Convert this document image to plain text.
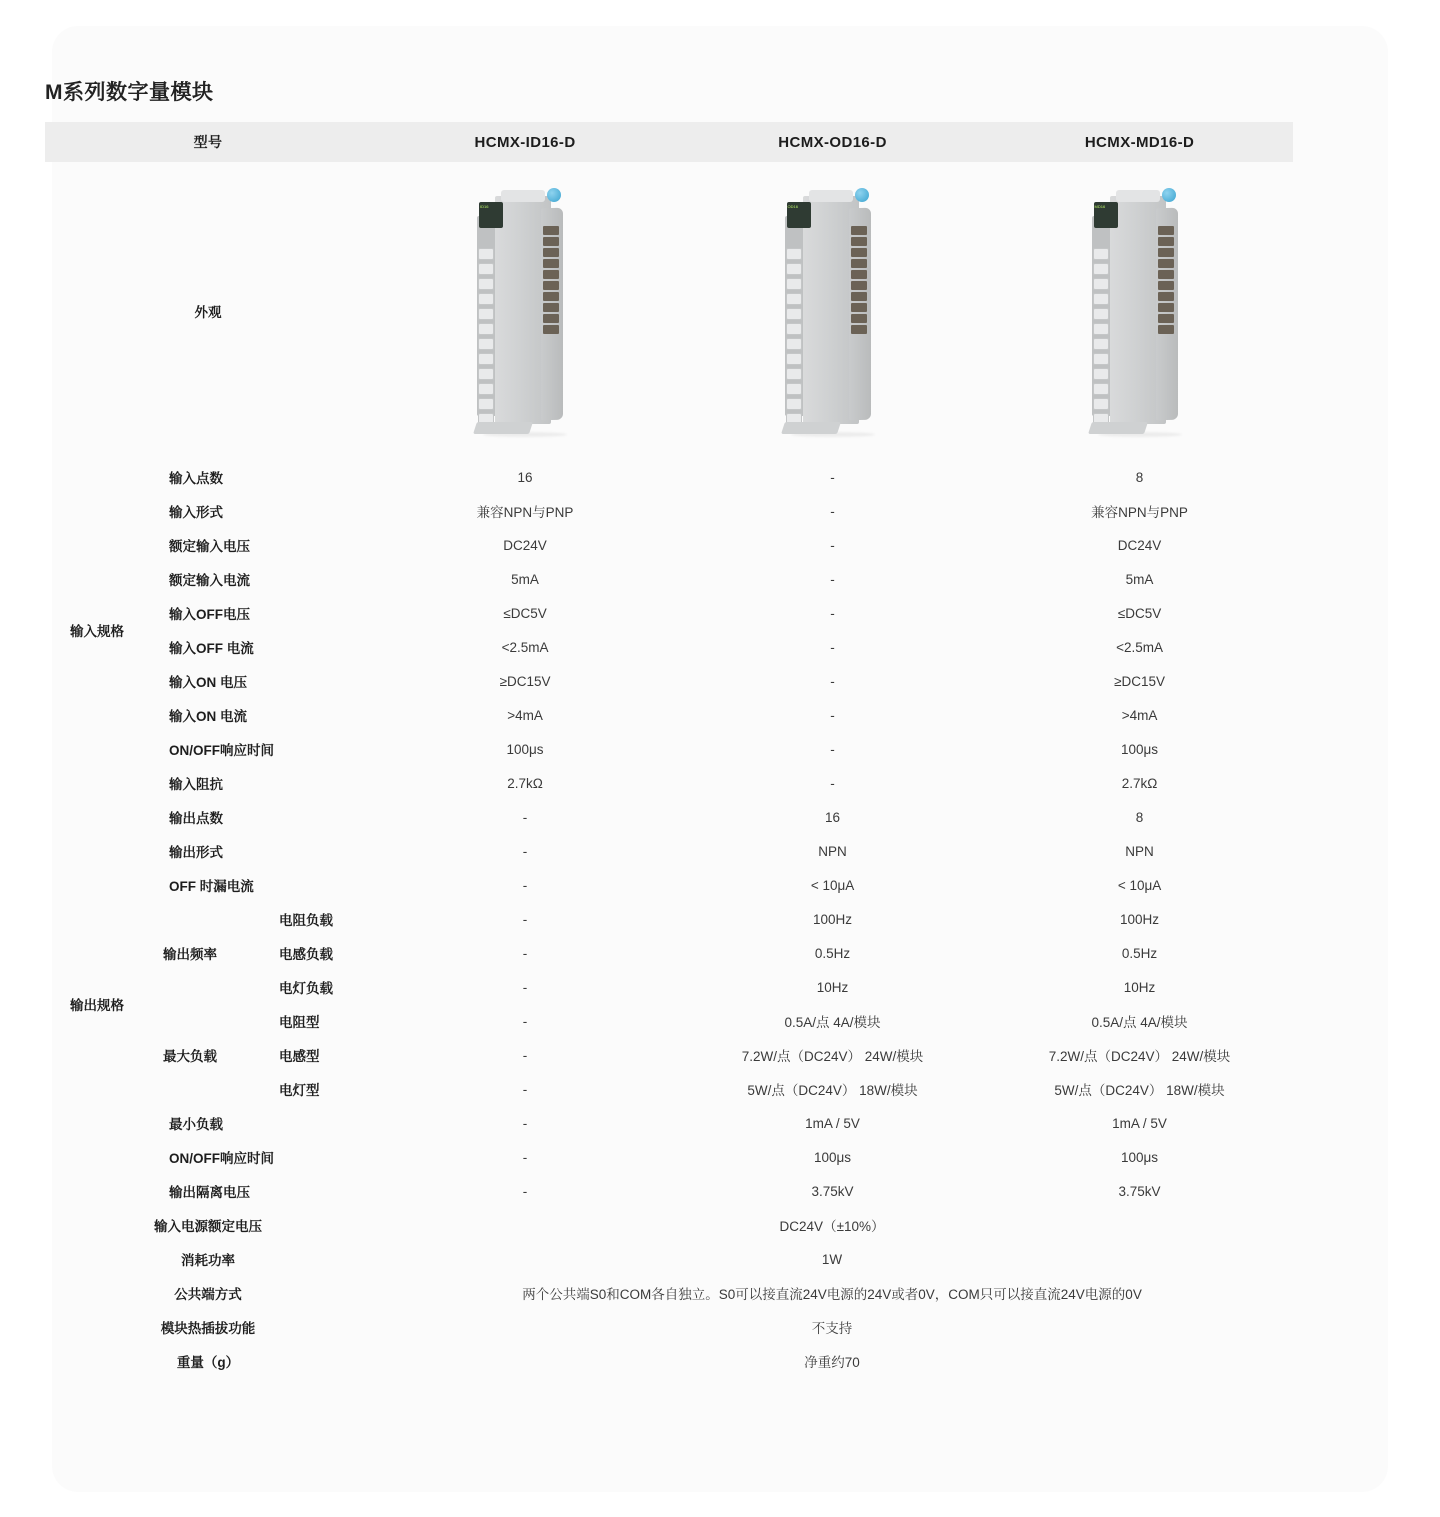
M系列数字量模块
型号			HCMX-ID16-D	HCMX-OD16-D	HCMX-MD16-D
外观			ID16	OD16	MD16

输入规格	输入点数		16	-	8
	输入形式		兼容NPN与PNP	-	兼容NPN与PNP
	额定输入电压		DC24V	-	DC24V
	额定输入电流		5mA	-	5mA
	输入OFF电压		≤DC5V	-	≤DC5V
	输入OFF 电流		<2.5mA	-	<2.5mA
	输入ON 电压		≥DC15V	-	≥DC15V
	输入ON 电流		>4mA	-	>4mA
	ON/OFF响应时间		100μs	-	100μs
	输入阻抗		2.7kΩ	-	2.7kΩ
输出规格	输出点数		-	16	8
	输出形式		-	NPN	NPN
	OFF 时漏电流		-	< 10μA	< 10μA
	输出频率	电阻负载	-	100Hz	100Hz
		电感负载	-	0.5Hz	0.5Hz
		电灯负载	-	10Hz	10Hz
	最大负载	电阻型	-	0.5A/点 4A/模块	0.5A/点 4A/模块
		电感型	-	7.2W/点（DC24V） 24W/模块	7.2W/点（DC24V） 24W/模块
		电灯型	-	5W/点（DC24V） 18W/模块	5W/点（DC24V） 18W/模块
	最小负载		-	1mA / 5V	1mA / 5V
	ON/OFF响应时间		-	100μs	100μs
	输出隔离电压		-	3.75kV	3.75kV
输入电源额定电压			DC24V（±10%）		
消耗功率			1W		
公共端方式			两个公共端S0和COM各自独立。S0可以接直流24V电源的24V或者0V，COM只可以接直流24V电源的0V		
模块热插拔功能			不支持		
重量（g）			净重约70		
